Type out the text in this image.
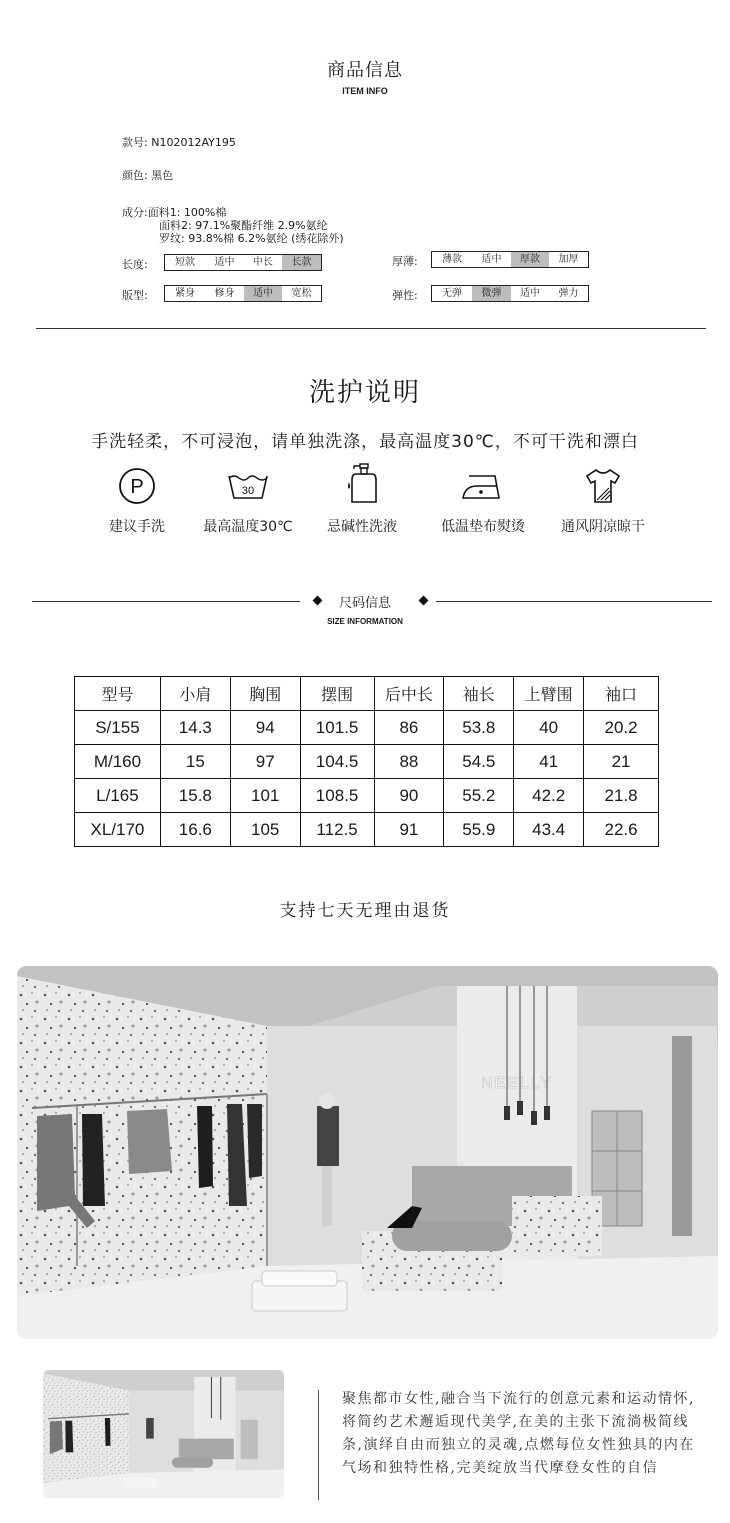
商品信息
ITEM INFO
款号: N102012AY195
颜色: 黑色
成分:面料1: 100%棉
面料2: 97.1%聚酯纤维 2.9%氨纶
罗纹: 93.8%棉 6.2%氨纶 (绣花除外)
长度:	短款	适中	中长	长款	厚薄:	薄款	适中	厚款	加厚
版型:	紧身	修身	适中	宽松	弹性:	无弹	微弹	适中	弹力
洗护说明
手洗轻柔，不可浸泡，请单独洗涤，最高温度30℃，不可干洗和漂白
P
建议手洗
30
最高温度30℃	忌碱性洗液	低温垫布熨烫	通风阴凉晾干
尺码信息
SIZE INFORMATION
型号	小肩	胸围	摆围	后中长	袖长	上臂围	袖口
S/155	14.3	94	101.5	86	53.8	40	20.2
M/160	15	97	104.5	88	54.5	41	21
L/165	15.8	101	108.5	90	55.2	42.2	21.8
XL/170	16.6	105	112.5	91	55.9	43.4	22.6
支持七天无理由退货
NEELLY
聚焦都市女性,融合当下流行的创意元素和运动情怀,将简约艺术邂逅现代美学,在美的主张下流淌极简线条,演绎自由而独立的灵魂,点燃每位女性独具的内在气场和独特性格,完美绽放当代摩登女性的自信
